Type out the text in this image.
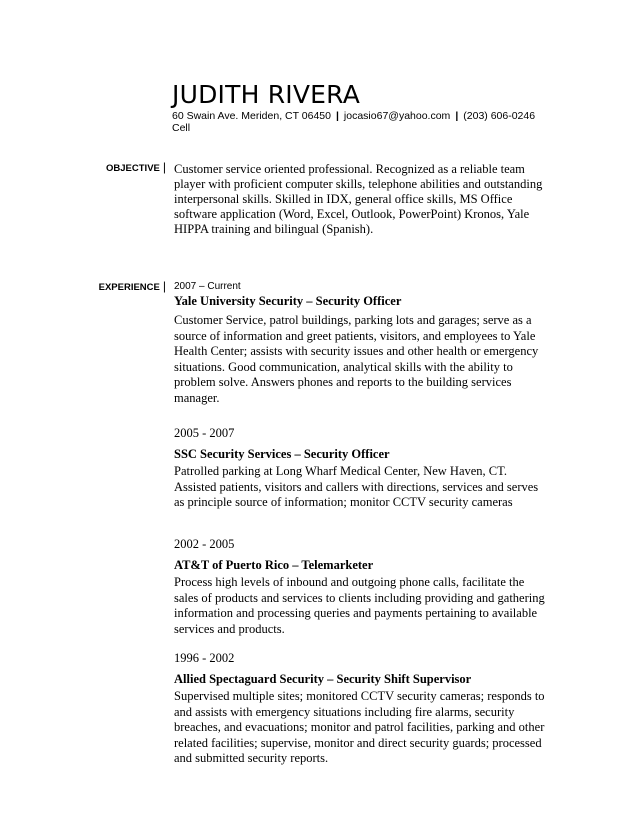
JUDITH RIVERA
60 Swain Ave. Meriden, CT 06450 | jocasio67@yahoo.com | (203) 606-0246
Cell
OBJECTIVE | Customer service oriented professional. Recognized as a reliable team player with proficient computer skills, telephone abilities and outstanding interpersonal skills. Skilled in IDX, general office skills, MS Office software application (Word, Excel, Outlook, PowerPoint) Kronos, Yale HIPPA training and bilingual (Spanish).
EXPERIENCE | 2007 – Current
Yale University Security – Security Officer
Customer Service, patrol buildings, parking lots and garages; serve as a source of information and greet patients, visitors, and employees to Yale Health Center; assists with security issues and other health or emergency situations. Good communication, analytical skills with the ability to problem solve. Answers phones and reports to the building services manager.
2005 - 2007
SSC Security Services – Security Officer
Patrolled parking at Long Wharf Medical Center, New Haven, CT. Assisted patients, visitors and callers with directions, services and serves as principle source of information; monitor CCTV security cameras
2002 - 2005
AT&T of Puerto Rico – Telemarketer
Process high levels of inbound and outgoing phone calls, facilitate the sales of products and services to clients including providing and gathering information and processing queries and payments pertaining to available services and products.
1996 - 2002
Allied Spectaguard Security – Security Shift Supervisor
Supervised multiple sites; monitored CCTV security cameras; responds to and assists with emergency situations including fire alarms, security breaches, and evacuations; monitor and patrol facilities, parking and other related facilities; supervise, monitor and direct security guards; processed and submitted security reports.
